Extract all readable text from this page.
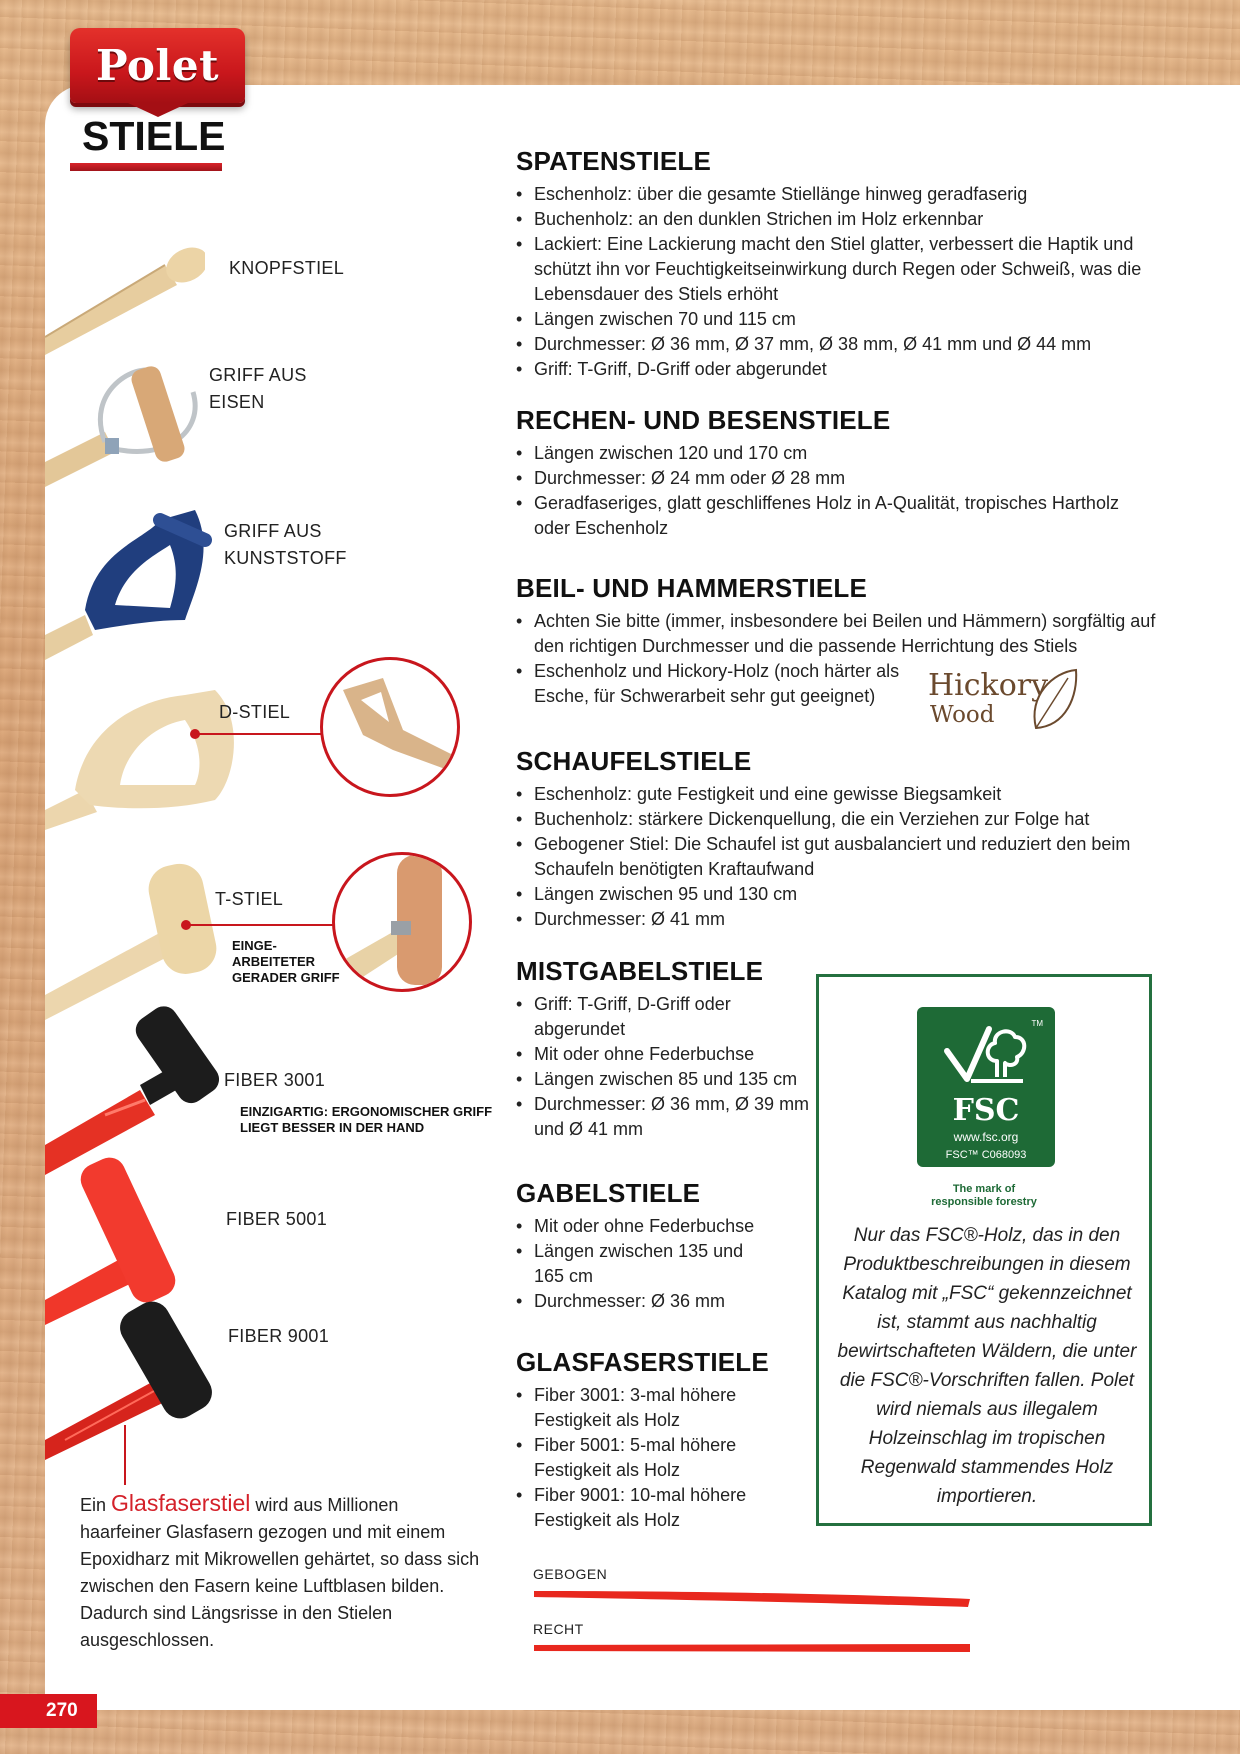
Polet
STIELE
KNOPFSTIEL
GRIFF AUS
EISEN
GRIFF AUS
KUNSTSTOFF
D-STIEL
T-STIEL
EINGE-
ARBEITETER
GERADER GRIFF
FIBER 3001
EINZIGARTIG: ERGONOMISCHER GRIFF
LIEGT BESSER IN DER HAND
FIBER 5001
FIBER 9001
Ein Glasfaserstiel wird aus Millionen haarfeiner Glasfasern gezogen und mit einem Epoxidharz mit Mikrowellen gehärtet, so dass sich zwischen den Fasern keine Luftblasen bilden. Dadurch sind Längsrisse in den Stielen ausgeschlossen.
SPATENSTIELE
• Eschenholz: über die gesamte Stiellänge hinweg geradfaserig
• Buchenholz: an den dunklen Strichen im Holz erkennbar
• Lackiert: Eine Lackierung macht den Stiel glatter, verbessert die Haptik und schützt ihn vor Feuchtigkeitseinwirkung durch Regen oder Schweiß, was die Lebensdauer des Stiels erhöht
• Längen zwischen 70 und 115 cm
• Durchmesser: Ø 36 mm, Ø 37 mm, Ø 38 mm, Ø 41 mm und Ø 44 mm
• Griff: T-Griff, D-Griff oder abgerundet
RECHEN- UND BESENSTIELE
• Längen zwischen 120 und 170 cm
• Durchmesser: Ø 24 mm oder Ø 28 mm
• Geradfaseriges, glatt geschliffenes Holz in A-Qualität, tropisches Hartholz oder Eschenholz
BEIL- UND HAMMERSTIELE
• Achten Sie bitte (immer, insbesondere bei Beilen und Hämmern) sorgfältig auf den richtigen Durchmesser und die passende Herrichtung des Stiels
• Eschenholz und Hickory-Holz (noch härter als Esche, für Schwerarbeit sehr gut geeignet)	Hickory
Wood
SCHAUFELSTIELE
• Eschenholz: gute Festigkeit und eine gewisse Biegsamkeit
• Buchenholz: stärkere Dickenquellung, die ein Verziehen zur Folge hat
• Gebogener Stiel: Die Schaufel ist gut ausbalanciert und reduziert den beim Schaufeln benötigten Kraftaufwand
• Längen zwischen 95 und 130 cm
• Durchmesser: Ø 41 mm
MISTGABELSTIELE
• Griff: T-Griff, D-Griff oder abgerundet
• Mit oder ohne Federbuchse
• Längen zwischen 85 und 135 cm
• Durchmesser: Ø 36 mm, Ø 39 mm und Ø 41 mm
GABELSTIELE
• Mit oder ohne Federbuchse
• Längen zwischen 135 und 165 cm
• Durchmesser: Ø 36 mm
GLASFASERSTIELE
• Fiber 3001: 3-mal höhere Festigkeit als Holz
• Fiber 5001: 5-mal höhere Festigkeit als Holz
• Fiber 9001: 10-mal höhere Festigkeit als Holz
TM
FSC
www.fsc.org
FSC™ C068093
The mark of
responsible forestry
Nur das FSC®-Holz, das in den Produktbeschreibungen in diesem Katalog mit „FSC“ gekennzeichnet ist, stammt aus nachhaltig bewirtschafteten Wäldern, die unter die FSC®-Vorschriften fallen. Polet wird niemals aus illegalem Holzeinschlag im tropischen Regenwald stammendes Holz importieren.
GEBOGEN
RECHT
270
